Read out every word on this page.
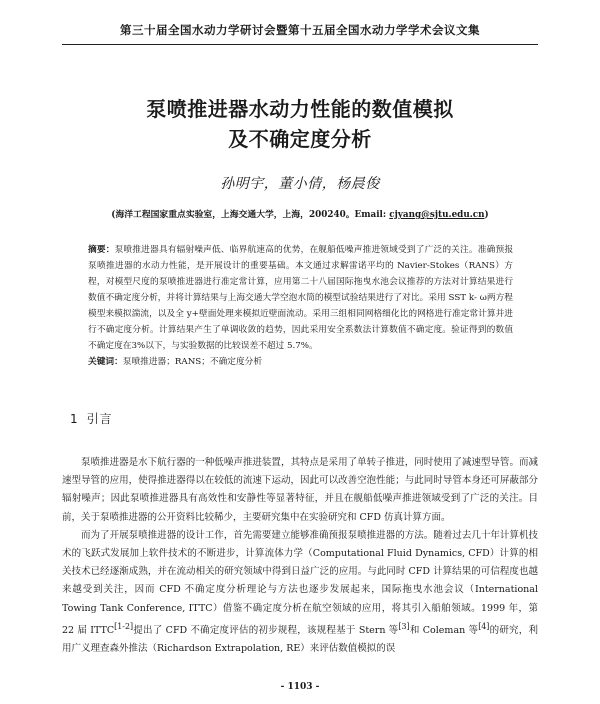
第三十届全国水动力学研讨会暨第十五届全国水动力学学术会议文集
泵喷推进器水动力性能的数值模拟
及不确定度分析
孙明宇，董小倩，杨晨俊
(海洋工程国家重点实验室，上海交通大学，上海，200240。Email: cjyang@sjtu.edu.cn)
摘要：泵喷推进器具有辐射噪声低、临界航速高的优势，在舰船低噪声推进领域受到了广泛的关注。准确预报泵喷推进器的水动力性能，是开展设计的重要基础。本文通过求解雷诺平均的 Navier-Stokes（RANS）方程，对模型尺度的泵喷推进器进行准定常计算，应用第二十八届国际拖曳水池会议推荐的方法对计算结果进行数值不确定度分析，并将计算结果与上海交通大学空泡水筒的模型试验结果进行了对比。采用 SST k- ω两方程模型来模拟湍流，以及全 y+壁面处理来模拟近壁面流动。采用三组相同网格细化比的网格进行准定常计算并进行不确定度分析。计算结果产生了单调收敛的趋势，因此采用安全系数法计算数值不确定度。验证得到的数值不确定度在3%以下，与实验数据的比较误差不超过 5.7%。
关键词：泵喷推进器；RANS；不确定度分析
1 引言

泵喷推进器是水下航行器的一种低噪声推进装置，其特点是采用了单转子推进，同时使用了减速型导管。而减速型导管的应用，使得推进器得以在较低的流速下运动，因此可以改善空泡性能；与此同时导管本身还可屏蔽部分辐射噪声；因此泵喷推进器具有高效性和安静性等显著特征，并且在舰船低噪声推进领域受到了广泛的关注。目前，关于泵喷推进器的公开资料比较稀少，主要研究集中在实验研究和 CFD 仿真计算方面。

而为了开展泵喷推进器的设计工作，首先需要建立能够准确预报泵喷推进器的方法。随着过去几十年计算机技术的飞跃式发展加上软件技术的不断进步，计算流体力学（Computational Fluid Dynamics, CFD）计算的相关技术已经逐渐成熟，并在流动相关的研究领域中得到日益广泛的应用。与此同时 CFD 计算结果的可信程度也越来越受到关注，因而 CFD 不确定度分析理论与方法也逐步发展起来，国际拖曳水池会议（International Towing Tank Conference, ITTC）借鉴不确定度分析在航空领域的应用，将其引入船舶领域。1999 年，第 22 届 ITTC[1-2]提出了 CFD 不确定度评估的初步规程，该规程基于 Stern 等[3]和 Coleman 等[4]的研究，利用广义理查森外推法（Richardson Extrapolation, RE）来评估数值模拟的误

- 1103 -
